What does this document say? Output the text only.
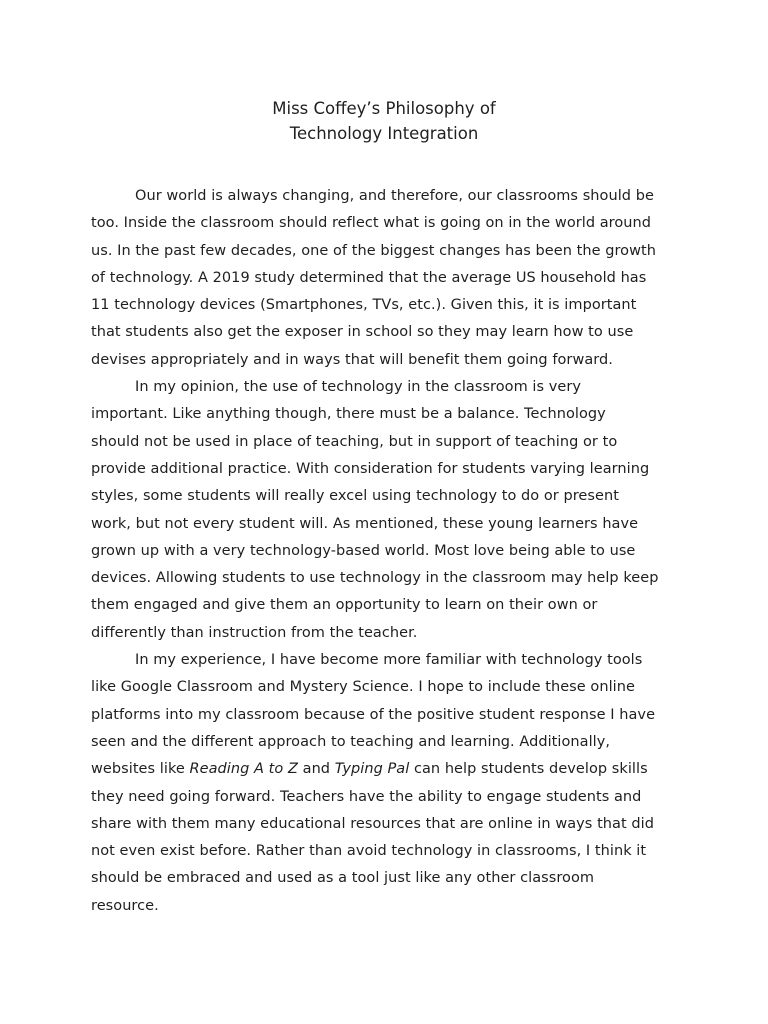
Miss Coffey’s Philosophy of
Technology Integration
Our world is always changing, and therefore, our classrooms should be
too. Inside the classroom should reflect what is going on in the world around
us. In the past few decades, one of the biggest changes has been the growth
of technology. A 2019 study determined that the average US household has
11 technology devices (Smartphones, TVs, etc.). Given this, it is important
that students also get the exposer in school so they may learn how to use
devises appropriately and in ways that will benefit them going forward.
In my opinion, the use of technology in the classroom is very
important. Like anything though, there must be a balance. Technology
should not be used in place of teaching, but in support of teaching or to
provide additional practice. With consideration for students varying learning
styles, some students will really excel using technology to do or present
work, but not every student will. As mentioned, these young learners have
grown up with a very technology-based world. Most love being able to use
devices. Allowing students to use technology in the classroom may help keep
them engaged and give them an opportunity to learn on their own or
differently than instruction from the teacher.
In my experience, I have become more familiar with technology tools
like Google Classroom and Mystery Science. I hope to include these online
platforms into my classroom because of the positive student response I have
seen and the different approach to teaching and learning. Additionally,
websites like Reading A to Z and Typing Pal can help students develop skills
they need going forward. Teachers have the ability to engage students and
share with them many educational resources that are online in ways that did
not even exist before. Rather than avoid technology in classrooms, I think it
should be embraced and used as a tool just like any other classroom
resource.
